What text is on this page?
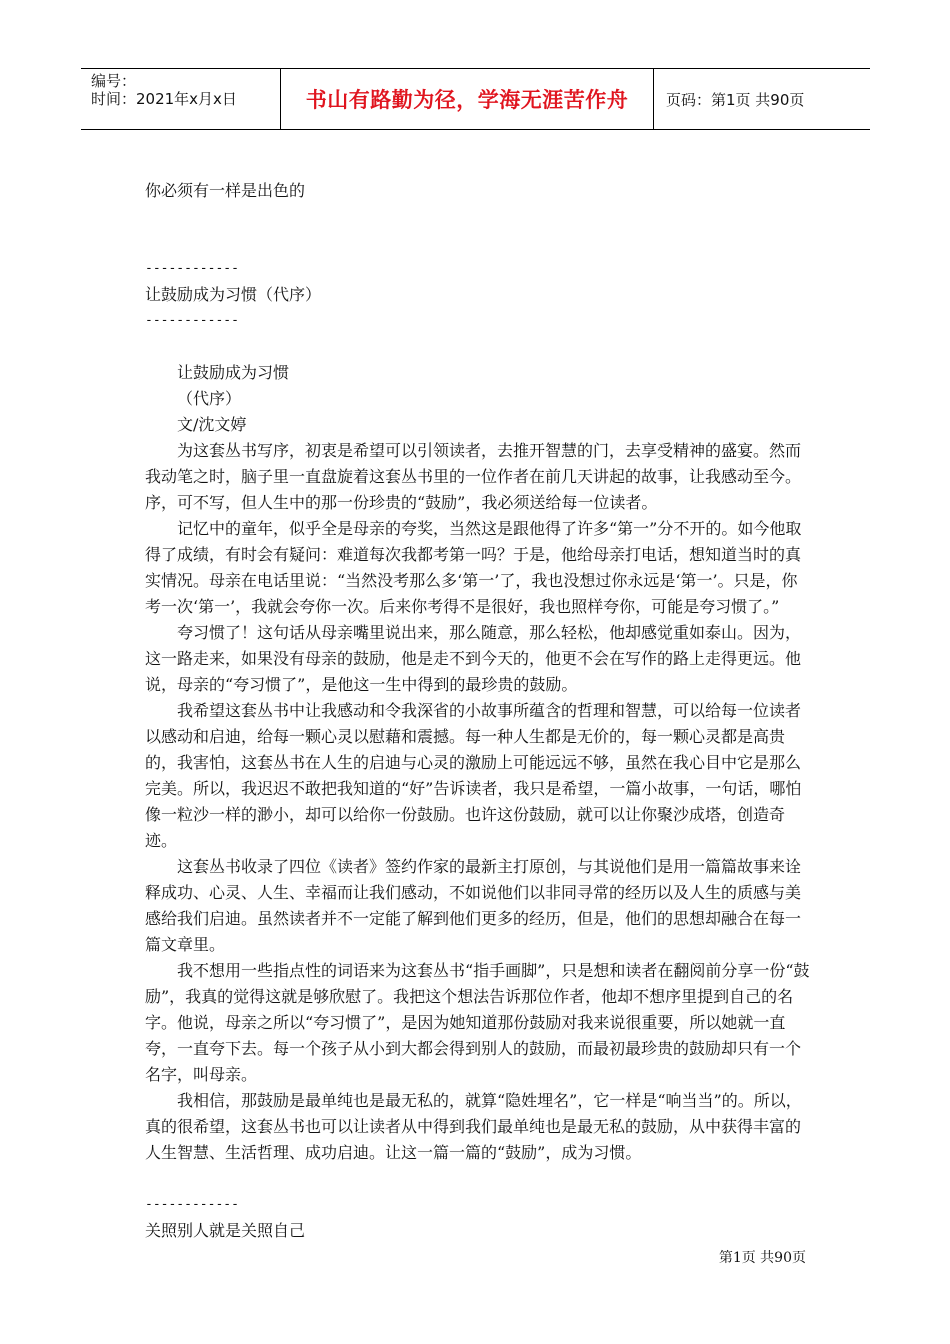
编号：
时间：2021年x月x日	书山有路勤为径，学海无涯苦作舟	页码：第1页 共90页

你必须有一样是出色的

------------

让鼓励成为习惯（代序）

------------

让鼓励成为习惯

（代序）

文/沈文婷

为这套丛书写序，初衷是希望可以引领读者，去推开智慧的门，去享受精神的盛宴。然而我动笔之时，脑子里一直盘旋着这套丛书里的一位作者在前几天讲起的故事，让我感动至今。序，可不写，但人生中的那一份珍贵的“鼓励”，我必须送给每一位读者。

记忆中的童年，似乎全是母亲的夸奖，当然这是跟他得了许多“第一”分不开的。如今他取得了成绩，有时会有疑问：难道每次我都考第一吗？于是，他给母亲打电话，想知道当时的真实情况。母亲在电话里说：“当然没考那么多‘第一’了，我也没想过你永远是‘第一’。只是，你考一次‘第一’，我就会夸你一次。后来你考得不是很好，我也照样夸你，可能是夸习惯了。”

夸习惯了！这句话从母亲嘴里说出来，那么随意，那么轻松，他却感觉重如泰山。因为，这一路走来，如果没有母亲的鼓励，他是走不到今天的，他更不会在写作的路上走得更远。他说，母亲的“夸习惯了”，是他这一生中得到的最珍贵的鼓励。

我希望这套丛书中让我感动和令我深省的小故事所蕴含的哲理和智慧，可以给每一位读者以感动和启迪，给每一颗心灵以慰藉和震撼。每一种人生都是无价的，每一颗心灵都是高贵的，我害怕，这套丛书在人生的启迪与心灵的激励上可能远远不够，虽然在我心目中它是那么完美。所以，我迟迟不敢把我知道的“好”告诉读者，我只是希望，一篇小故事，一句话，哪怕像一粒沙一样的渺小，却可以给你一份鼓励。也许这份鼓励，就可以让你聚沙成塔，创造奇迹。

这套丛书收录了四位《读者》签约作家的最新主打原创，与其说他们是用一篇篇故事来诠释成功、心灵、人生、幸福而让我们感动，不如说他们以非同寻常的经历以及人生的质感与美感给我们启迪。虽然读者并不一定能了解到他们更多的经历，但是，他们的思想却融合在每一篇文章里。

我不想用一些指点性的词语来为这套丛书“指手画脚”，只是想和读者在翻阅前分享一份“鼓励”，我真的觉得这就是够欣慰了。我把这个想法告诉那位作者，他却不想序里提到自己的名字。他说，母亲之所以“夸习惯了”，是因为她知道那份鼓励对我来说很重要，所以她就一直夸，一直夸下去。每一个孩子从小到大都会得到别人的鼓励，而最初最珍贵的鼓励却只有一个名字，叫母亲。

我相信，那鼓励是最单纯也是最无私的，就算“隐姓埋名”，它一样是“响当当”的。所以，真的很希望，这套丛书也可以让读者从中得到我们最单纯也是最无私的鼓励，从中获得丰富的人生智慧、生活哲理、成功启迪。让这一篇一篇的“鼓励”，成为习惯。

------------

关照别人就是关照自己

第1页 共90页
